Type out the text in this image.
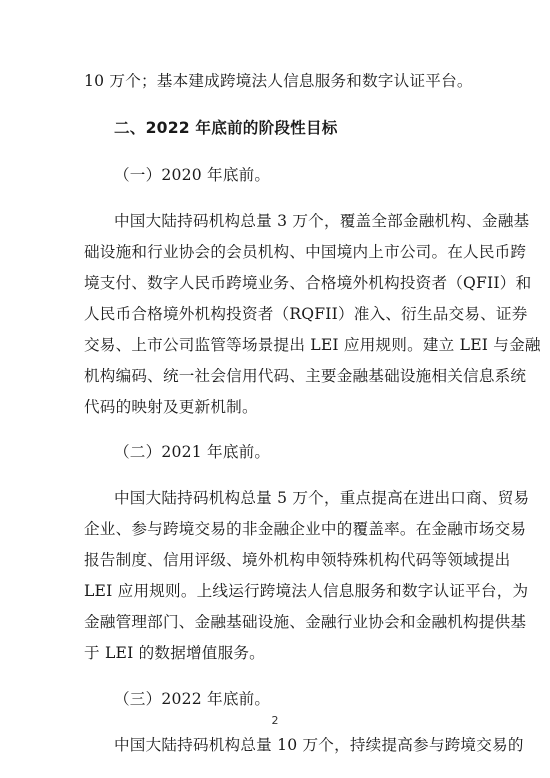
10 万个；基本建成跨境法人信息服务和数字认证平台。
二、2022 年底前的阶段性目标
（一）2020 年底前。
中国大陆持码机构总量 3 万个，覆盖全部金融机构、金融基
础设施和行业协会的会员机构、中国境内上市公司。在人民币跨
境支付、数字人民币跨境业务、合格境外机构投资者（QFII）和
人民币合格境外机构投资者（RQFII）准入、衍生品交易、证券
交易、上市公司监管等场景提出 LEI 应用规则。建立 LEI 与金融
机构编码、统一社会信用代码、主要金融基础设施相关信息系统
代码的映射及更新机制。
（二）2021 年底前。
中国大陆持码机构总量 5 万个，重点提高在进出口商、贸易
企业、参与跨境交易的非金融企业中的覆盖率。在金融市场交易
报告制度、信用评级、境外机构申领特殊机构代码等领域提出
LEI 应用规则。上线运行跨境法人信息服务和数字认证平台，为
金融管理部门、金融基础设施、金融行业协会和金融机构提供基
于 LEI 的数据增值服务。
（三）2022 年底前。
中国大陆持码机构总量 10 万个，持续提高参与跨境交易的
2
